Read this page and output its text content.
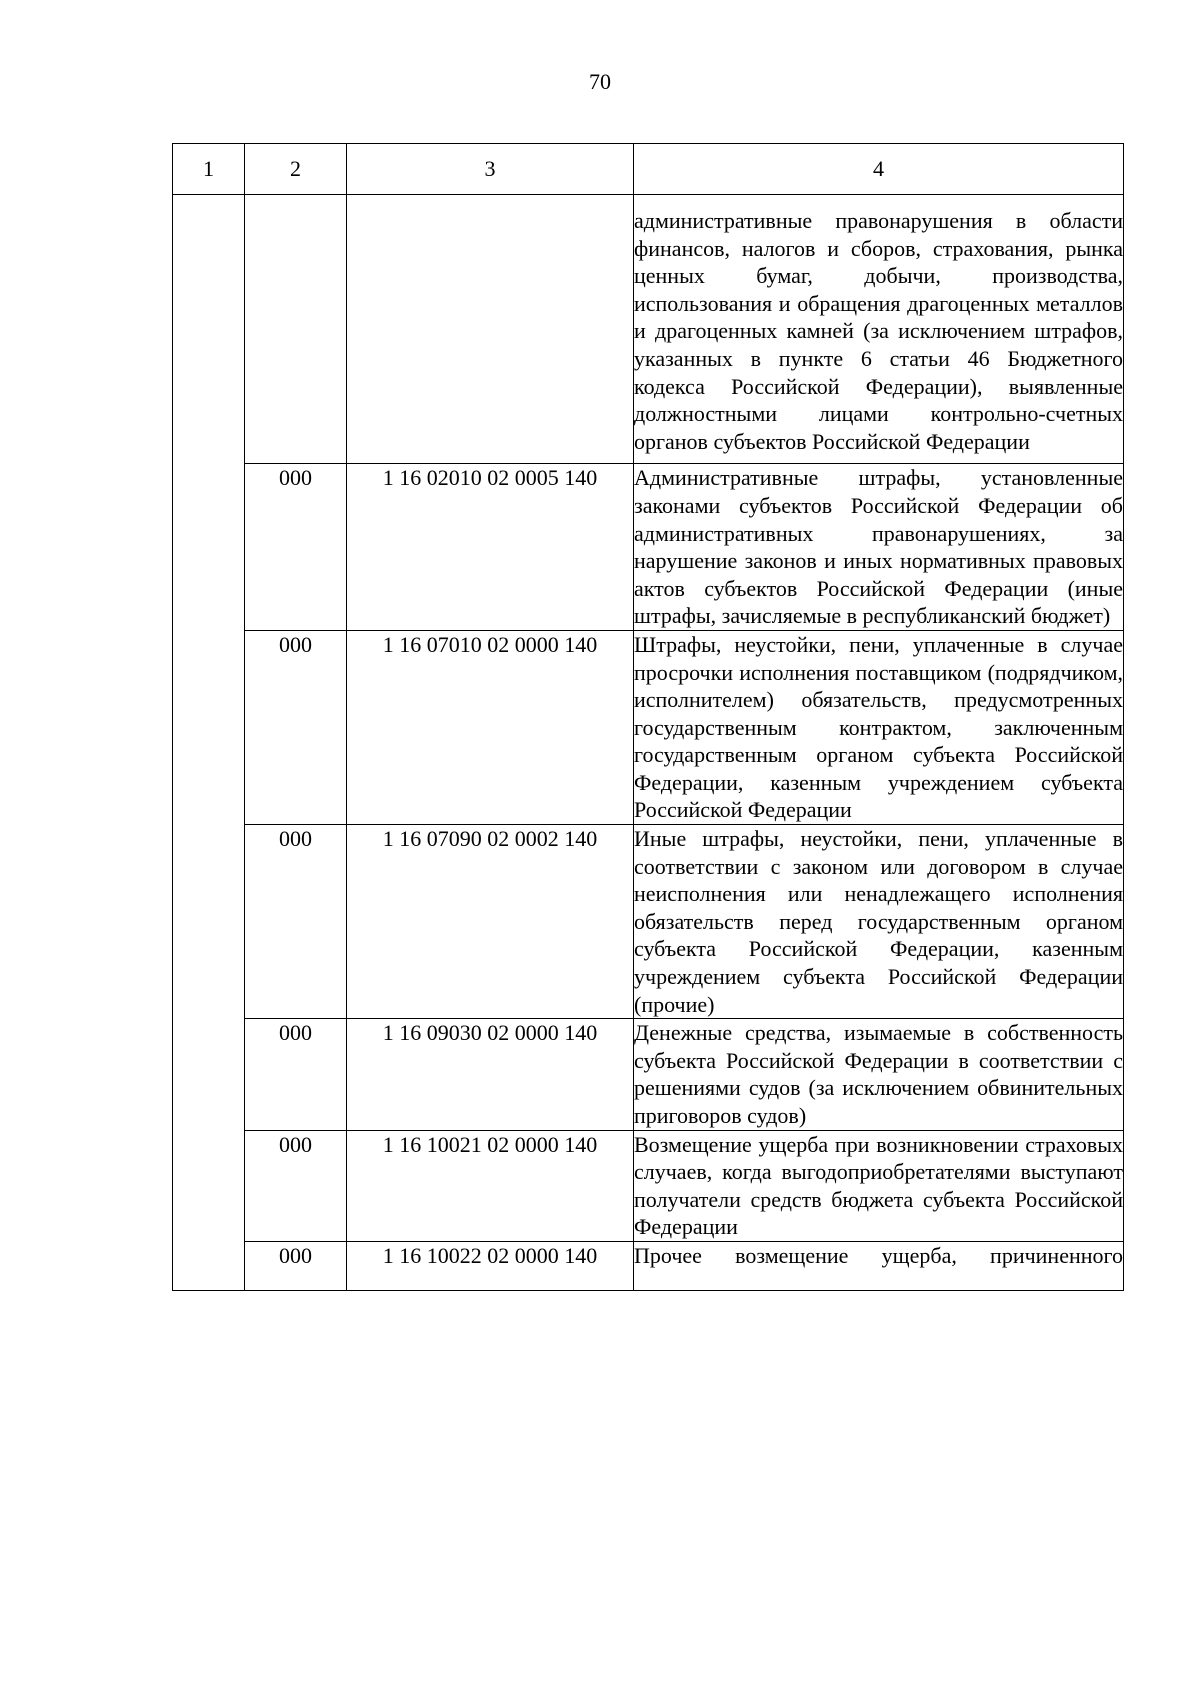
70
1	2	3	4
			административные правонарушения в области финансов, налогов и сборов, страхования, рынка ценных бумаг, добычи, производства, использования и обращения драгоценных металлов и драгоценных камней (за исключением штрафов, указанных в пункте 6 статьи 46 Бюджетного кодекса Российской Федерации), выявленные должностными лицами контрольно-счетных органов субъектов Российской Федерации
	000	1 16 02010 02 0005 140	Административные штрафы, установленные законами субъектов Российской Федерации об административных правонарушениях, за нарушение законов и иных нормативных правовых актов субъектов Российской Федерации (иные штрафы, зачисляемые в республиканский бюджет)
	000	1 16 07010 02 0000 140	Штрафы, неустойки, пени, уплаченные в случае просрочки исполнения поставщиком (подрядчиком, исполнителем) обязательств, предусмотренных государственным контрактом, заключенным государственным органом субъекта Российской Федерации, казенным учреждением субъекта Российской Федерации
	000	1 16 07090 02 0002 140	Иные штрафы, неустойки, пени, уплаченные в соответствии с законом или договором в случае неисполнения или ненадлежащего исполнения обязательств перед государственным органом субъекта Российской Федерации, казенным учреждением субъекта Российской Федерации (прочие)
	000	1 16 09030 02 0000 140	Денежные средства, изымаемые в собственность субъекта Российской Федерации в соответствии с решениями судов (за исключением обвинительных приговоров судов)
	000	1 16 10021 02 0000 140	Возмещение ущерба при возникновении страховых случаев, когда выгодоприобретателями выступают получатели средств бюджета субъекта Российской Федерации
	000	1 16 10022 02 0000 140	Прочее возмещение ущерба, причиненного
